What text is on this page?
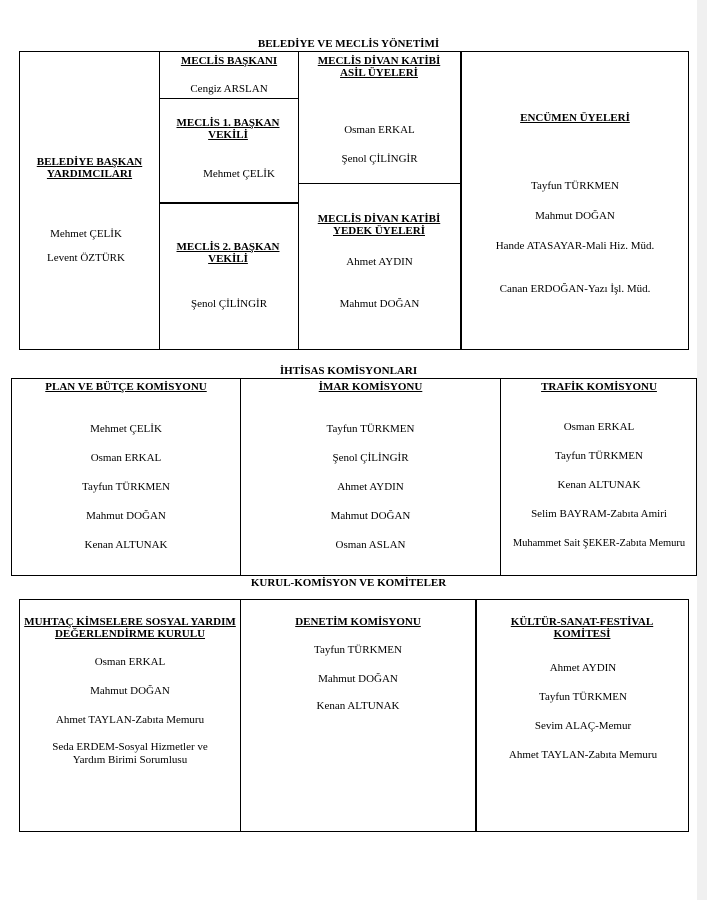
BELEDİYE VE MECLİS YÖNETİMİ
BELEDİYE BAŞKAN YARDIMCILARI
Mehmet ÇELİK
Levent ÖZTÜRK
MECLİS BAŞKANI
Cengiz ARSLAN
MECLİS 1. BAŞKAN VEKİLİ
Mehmet ÇELİK
MECLİS 2. BAŞKAN VEKİLİ
Şenol ÇİLİNGİR
MECLİS DİVAN KATİBİ ASİL ÜYELERİ
Osman ERKAL
Şenol ÇİLİNGİR
MECLİS DİVAN KATİBİ YEDEK ÜYELERİ
Ahmet AYDIN
Mahmut DOĞAN
ENCÜMEN ÜYELERİ
Tayfun TÜRKMEN
Mahmut DOĞAN
Hande ATASAYAR-Mali Hiz. Müd.
Canan ERDOĞAN-Yazı İşl. Müd.
İHTİSAS KOMİSYONLARI
PLAN VE BÜTÇE KOMİSYONU
Mehmet ÇELİK
Osman ERKAL
Tayfun TÜRKMEN
Mahmut DOĞAN
Kenan ALTUNAK
İMAR KOMİSYONU
Tayfun TÜRKMEN
Şenol ÇİLİNGİR
Ahmet AYDIN
Mahmut DOĞAN
Osman ASLAN
TRAFİK KOMİSYONU
Osman ERKAL
Tayfun TÜRKMEN
Kenan ALTUNAK
Selim BAYRAM-Zabıta Amiri
Muhammet Sait ŞEKER-Zabıta Memuru
KURUL-KOMİSYON VE KOMİTELER
MUHTAÇ KİMSELERE SOSYAL YARDIM DEĞERLENDİRME KURULU
Osman ERKAL
Mahmut DOĞAN
Ahmet TAYLAN-Zabıta Memuru
Seda ERDEM-Sosyal Hizmetler ve Yardım Birimi Sorumlusu
DENETİM KOMİSYONU
Tayfun TÜRKMEN
Mahmut DOĞAN
Kenan ALTUNAK
KÜLTÜR-SANAT-FESTİVAL KOMİTESİ
Ahmet AYDIN
Tayfun TÜRKMEN
Sevim ALAÇ-Memur
Ahmet TAYLAN-Zabıta Memuru
